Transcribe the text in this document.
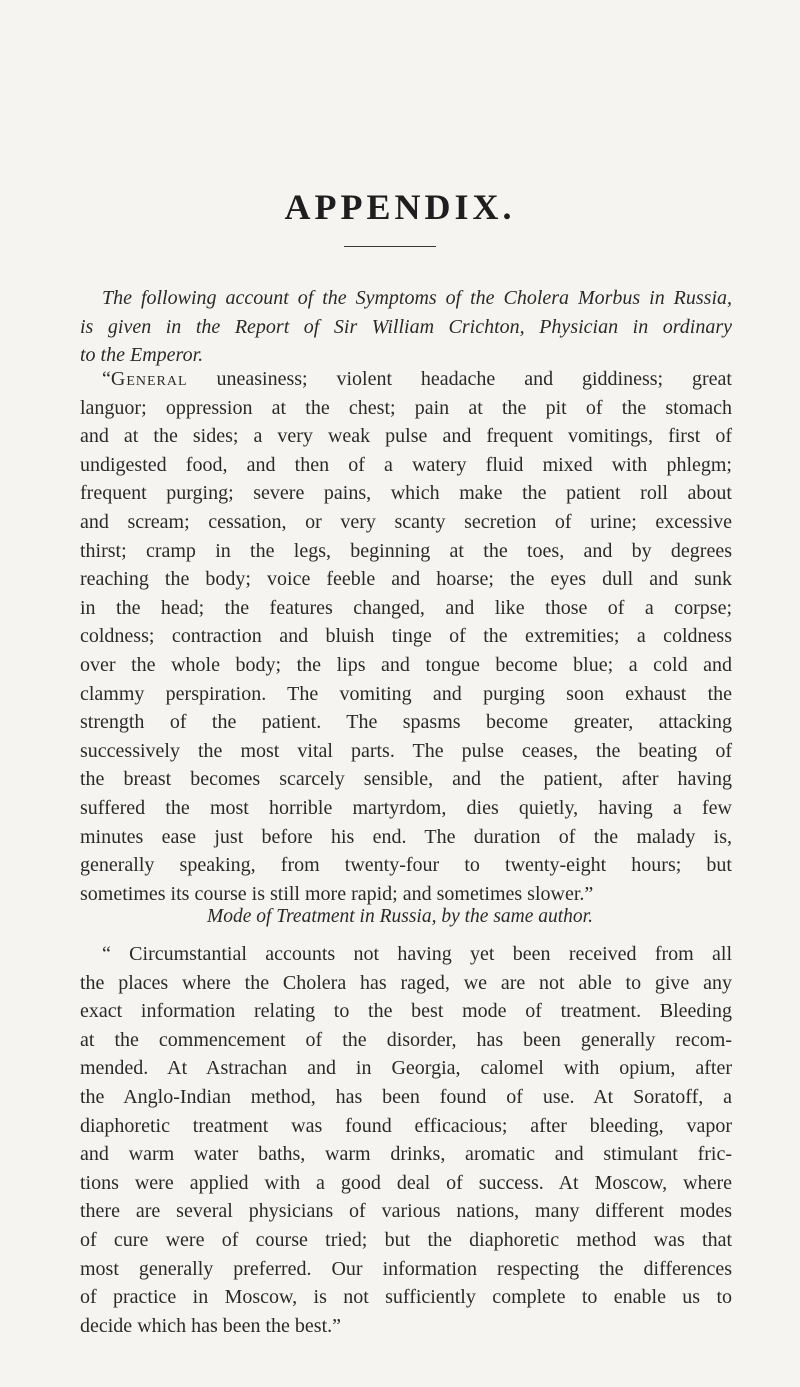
APPENDIX.

The following account of the Symptoms of the Cholera Morbus in Russia,
is given in the Report of Sir William Crichton, Physician in ordinary
to the Emperor.

“General uneasiness; violent headache and giddiness; great
languor; oppression at the chest; pain at the pit of the stomach
and at the sides; a very weak pulse and frequent vomitings, first of
undigested food, and then of a watery fluid mixed with phlegm;
frequent purging; severe pains, which make the patient roll about
and scream; cessation, or very scanty secretion of urine; excessive
thirst; cramp in the legs, beginning at the toes, and by degrees
reaching the body; voice feeble and hoarse; the eyes dull and sunk
in the head; the features changed, and like those of a corpse;
coldness; contraction and bluish tinge of the extremities; a coldness
over the whole body; the lips and tongue become blue; a cold and
clammy perspiration. The vomiting and purging soon exhaust the
strength of the patient. The spasms become greater, attacking
successively the most vital parts. The pulse ceases, the beating of
the breast becomes scarcely sensible, and the patient, after having
suffered the most horrible martyrdom, dies quietly, having a few
minutes ease just before his end. The duration of the malady is,
generally speaking, from twenty-four to twenty-eight hours; but
sometimes its course is still more rapid; and sometimes slower.”

Mode of Treatment in Russia, by the same author.

“ Circumstantial accounts not having yet been received from all
the places where the Cholera has raged, we are not able to give any
exact information relating to the best mode of treatment. Bleeding
at the commencement of the disorder, has been generally recom-
mended. At Astrachan and in Georgia, calomel with opium, after
the Anglo-Indian method, has been found of use. At Soratoff, a
diaphoretic treatment was found efficacious; after bleeding, vapor
and warm water baths, warm drinks, aromatic and stimulant fric-
tions were applied with a good deal of success. At Moscow, where
there are several physicians of various nations, many different modes
of cure were of course tried; but the diaphoretic method was that
most generally preferred. Our information respecting the differences
of practice in Moscow, is not sufficiently complete to enable us to
decide which has been the best.”
